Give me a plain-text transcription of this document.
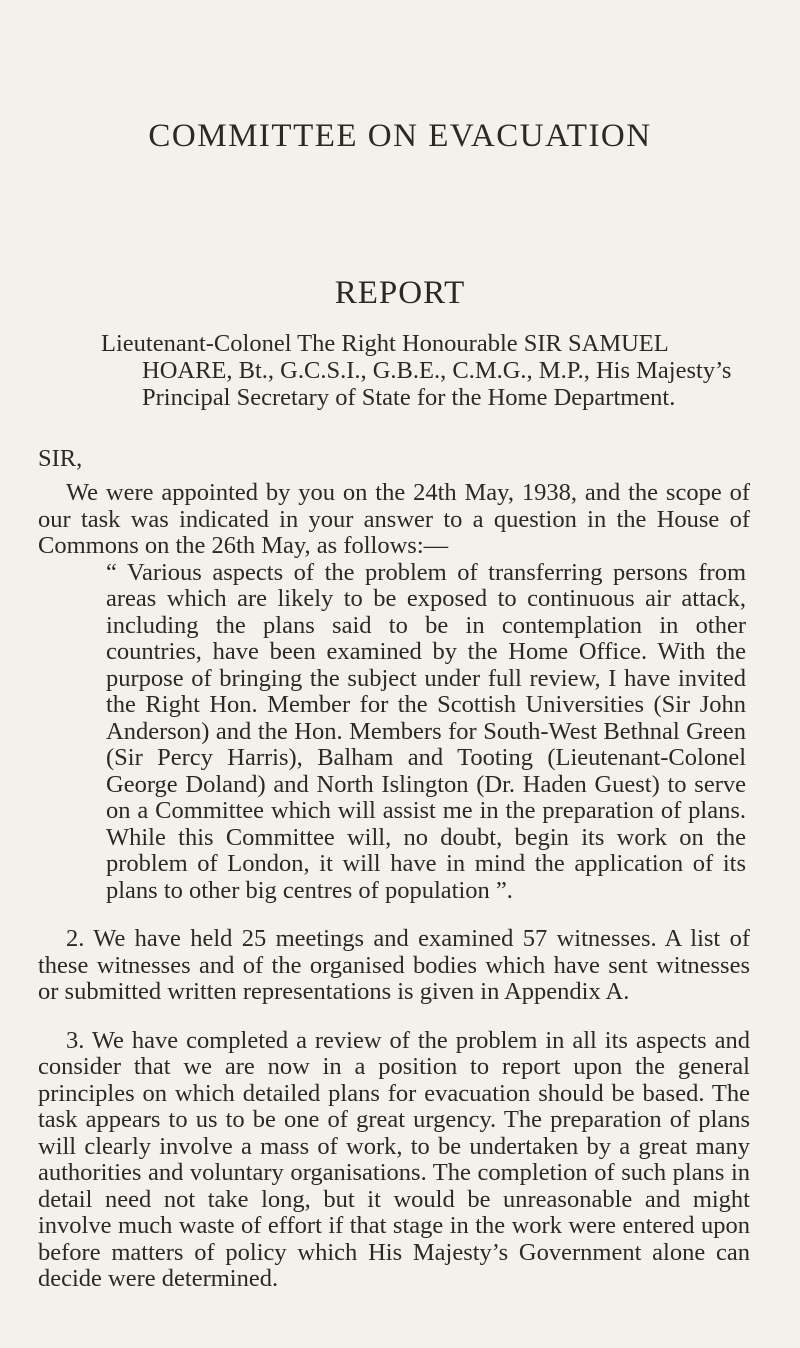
COMMITTEE ON EVACUATION
REPORT
Lieutenant-Colonel The Right Honourable SIR SAMUEL HOARE, Bt., G.C.S.I., G.B.E., C.M.G., M.P., His Majesty’s Principal Secretary of State for the Home Department.

SIR,

We were appointed by you on the 24th May, 1938, and the scope of our task was indicated in your answer to a question in the House of Commons on the 26th May, as follows:—

“ Various aspects of the problem of transferring persons from areas which are likely to be exposed to continuous air attack, including the plans said to be in contemplation in other countries, have been examined by the Home Office. With the purpose of bringing the subject under full review, I have invited the Right Hon. Member for the Scottish Universities (Sir John Anderson) and the Hon. Members for South-West Bethnal Green (Sir Percy Harris), Balham and Tooting (Lieutenant-Colonel George Doland) and North Islington (Dr. Haden Guest) to serve on a Committee which will assist me in the preparation of plans. While this Committee will, no doubt, begin its work on the problem of London, it will have in mind the application of its plans to other big centres of population ”.

2. We have held 25 meetings and examined 57 witnesses. A list of these witnesses and of the organised bodies which have sent witnesses or submitted written representations is given in Appendix A.

3. We have completed a review of the problem in all its aspects and consider that we are now in a position to report upon the general principles on which detailed plans for evacuation should be based. The task appears to us to be one of great urgency. The preparation of plans will clearly involve a mass of work, to be undertaken by a great many authorities and voluntary organisations. The completion of such plans in detail need not take long, but it would be unreasonable and might involve much waste of effort if that stage in the work were entered upon before matters of policy which His Majesty’s Government alone can decide were determined.
